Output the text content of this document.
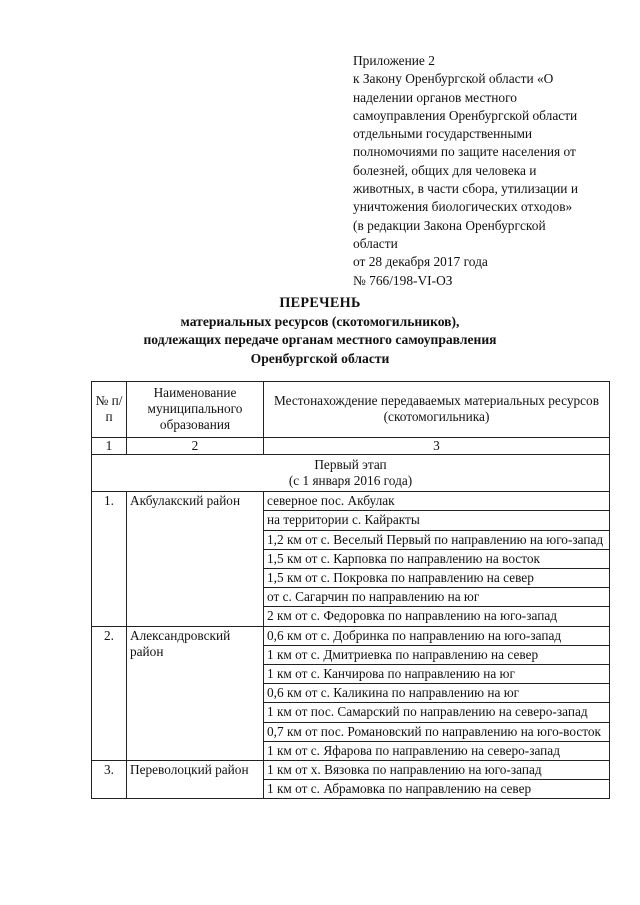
Приложение 2
к Закону Оренбургской области «О
наделении органов местного
самоуправления Оренбургской области
отдельными государственными
полномочиями по защите населения от
болезней, общих для человека и
животных, в части сбора, утилизации и
уничтожения биологических отходов»
(в редакции Закона Оренбургской
области
от 28 декабря 2017 года
№ 766/198-VI-ОЗ
ПЕРЕЧЕНЬ
материальных ресурсов (скотомогильников),
подлежащих передаче органам местного самоуправления
Оренбургской области
№ п/п	Наименование муниципального образования	Местонахождение передаваемых материальных ресурсов (скотомогильника)
1	2	3

Первый этап
(с 1 января 2016 года)		

1.	Акбулакский район	северное пос. Акбулак
		на территории с. Кайракты
		1,2 км от с. Веселый Первый по направлению на юго-запад
		1,5 км от с. Карповка по направлению на восток
		1,5 км от с. Покровка по направлению на север
		от с. Сагарчин по направлению на юг
		2 км от с. Федоровка по направлению на юго-запад
2.	Александровский район	0,6 км от с. Добринка по направлению на юго-запад
		1 км от с. Дмитриевка по направлению на север
		1 км от с. Канчирова по направлению на юг
		0,6 км от с. Каликина по направлению на юг
		1 км от пос. Самарский по направлению на северо-запад
		0,7 км от пос. Романовский по направлению на юго-восток
		1 км от с. Яфарова по направлению на северо-запад
3.	Переволоцкий район	1 км от х. Вязовка по направлению на юго-запад
		1 км от с. Абрамовка по направлению на север
